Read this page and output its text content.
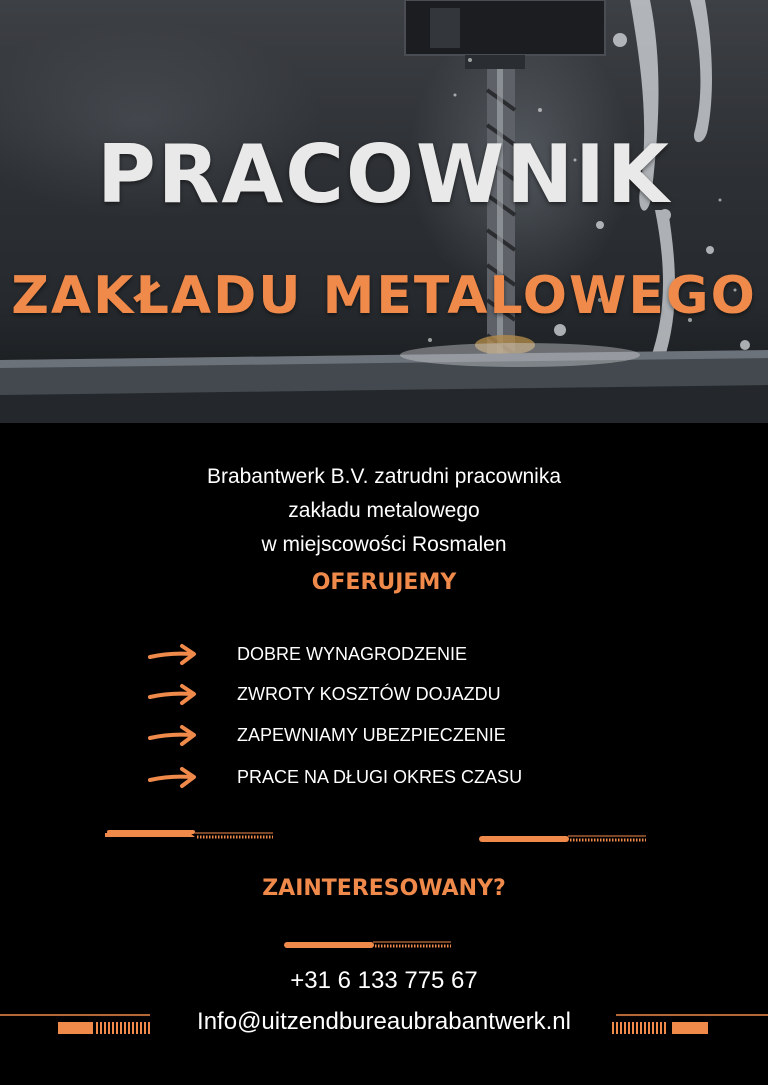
PRACOWNIK
ZAKŁADU METALOWEGO

Brabantwerk B.V. zatrudni pracownika

zakładu metalowego

w miejscowości Rosmalen

OFERUJEMY
DOBRE WYNAGRODZENIE
ZWROTY KOSZTÓW DOJAZDU
ZAPEWNIAMY UBEZPIECZENIE
PRACE NA DŁUGI OKRES CZASU
ZAINTERESOWANY?

+31 6 133 775 67

Info@uitzendbureaubrabantwerk.nl
